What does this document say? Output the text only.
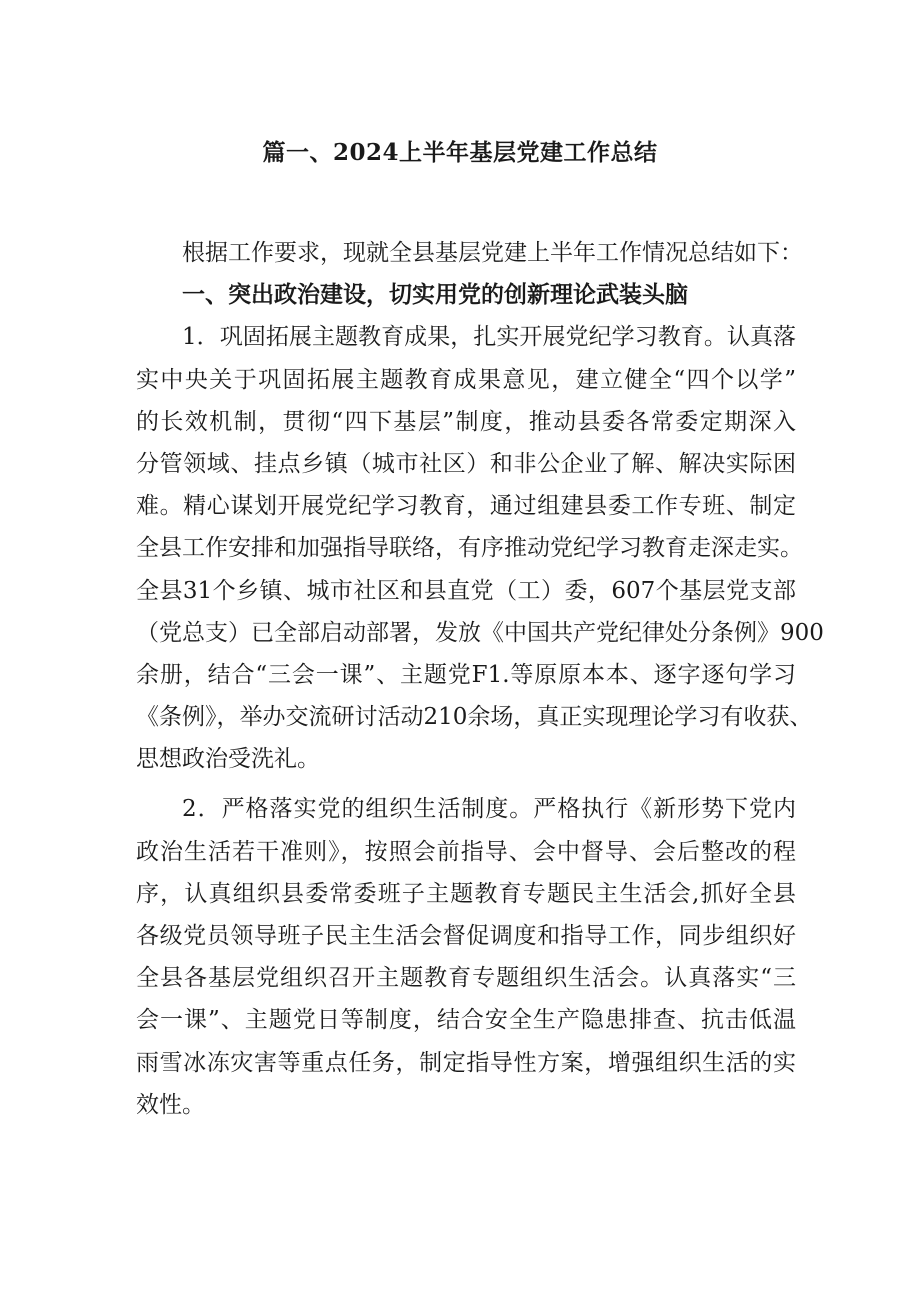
篇一、2024上半年基层党建工作总结
根据工作要求，现就全县基层党建上半年工作情况总结如下：
一、突出政治建设，切实用党的创新理论武装头脑
1．巩固拓展主题教育成果，扎实开展党纪学习教育。认真落
实中央关于巩固拓展主题教育成果意见，建立健全“四个以学”
的长效机制，贯彻“四下基层”制度，推动县委各常委定期深入
分管领域、挂点乡镇（城市社区）和非公企业了解、解决实际困
难。精心谋划开展党纪学习教育，通过组建县委工作专班、制定
全县工作安排和加强指导联络，有序推动党纪学习教育走深走实。
全县31个乡镇、城市社区和县直党（工）委，607个基层党支部
（党总支）已全部启动部署，发放《中国共产党纪律处分条例》900
余册，结合“三会一课”、主题党F1.等原原本本、逐字逐句学习
《条例》，举办交流研讨活动210余场，真正实现理论学习有收获、
思想政治受洗礼。
2．严格落实党的组织生活制度。严格执行《新形势下党内
政治生活若干准则》，按照会前指导、会中督导、会后整改的程
序，认真组织县委常委班子主题教育专题民主生活会,抓好全县
各级党员领导班子民主生活会督促调度和指导工作，同步组织好
全县各基层党组织召开主题教育专题组织生活会。认真落实“三
会一课”、主题党日等制度，结合安全生产隐患排查、抗击低温
雨雪冰冻灾害等重点任务，制定指导性方案，增强组织生活的实
效性。
